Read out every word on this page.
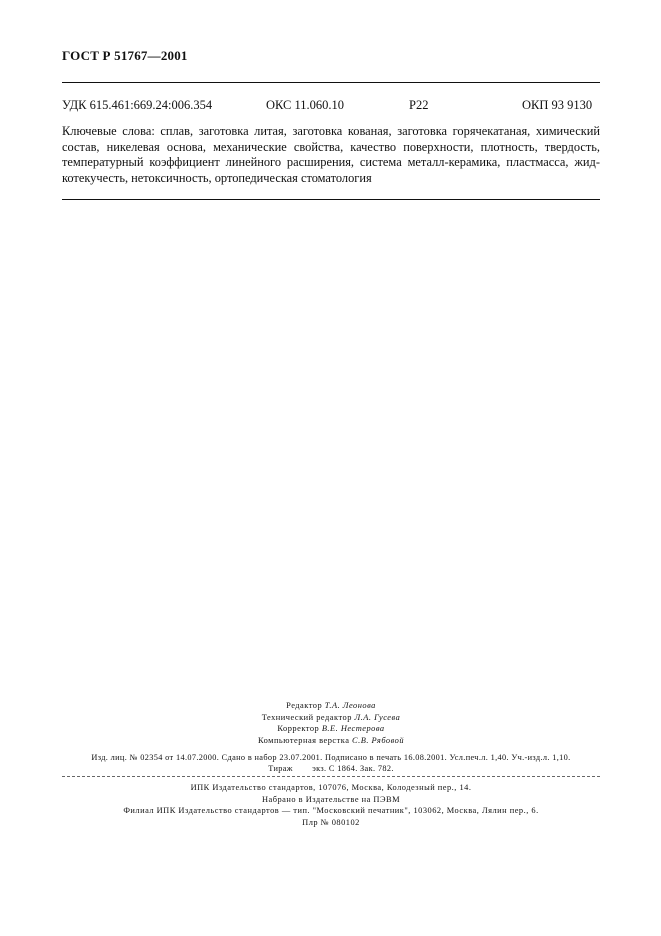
ГОСТ Р 51767—2001
УДК 615.461:669.24:006.354	ОКС 11.060.10	Р22	ОКП 93 9130
Ключевые слова: сплав, заготовка литая, заготовка кованая, заготовка горячекатаная, химический
состав, никелевая основа, механические свойства, качество поверхности, плотность, твердость,
температурный коэффициент линейного расширения, система металл-керамика, пластмасса, жид-
котекучесть, нетоксичность, ортопедическая стоматология
Редактор Т.А. Леонова
Технический редактор Л.А. Гусева
Корректор В.Е. Нестерова
Компьютерная верстка С.В. Рябовой
Изд. лиц. № 02354 от 14.07.2000. Сдано в набор 23.07.2001. Подписано в печать 16.08.2001. Усл.печ.л. 1,40. Уч.-изд.л. 1,10.
Тираж        экз. С 1864. Зак. 782.
ИПК Издательство стандартов, 107076, Москва, Колодезный пер., 14.
Набрано в Издательстве на ПЭВМ
Филиал ИПК Издательство стандартов — тип. "Московский печатник", 103062, Москва, Лялин пер., 6.
Плр № 080102
